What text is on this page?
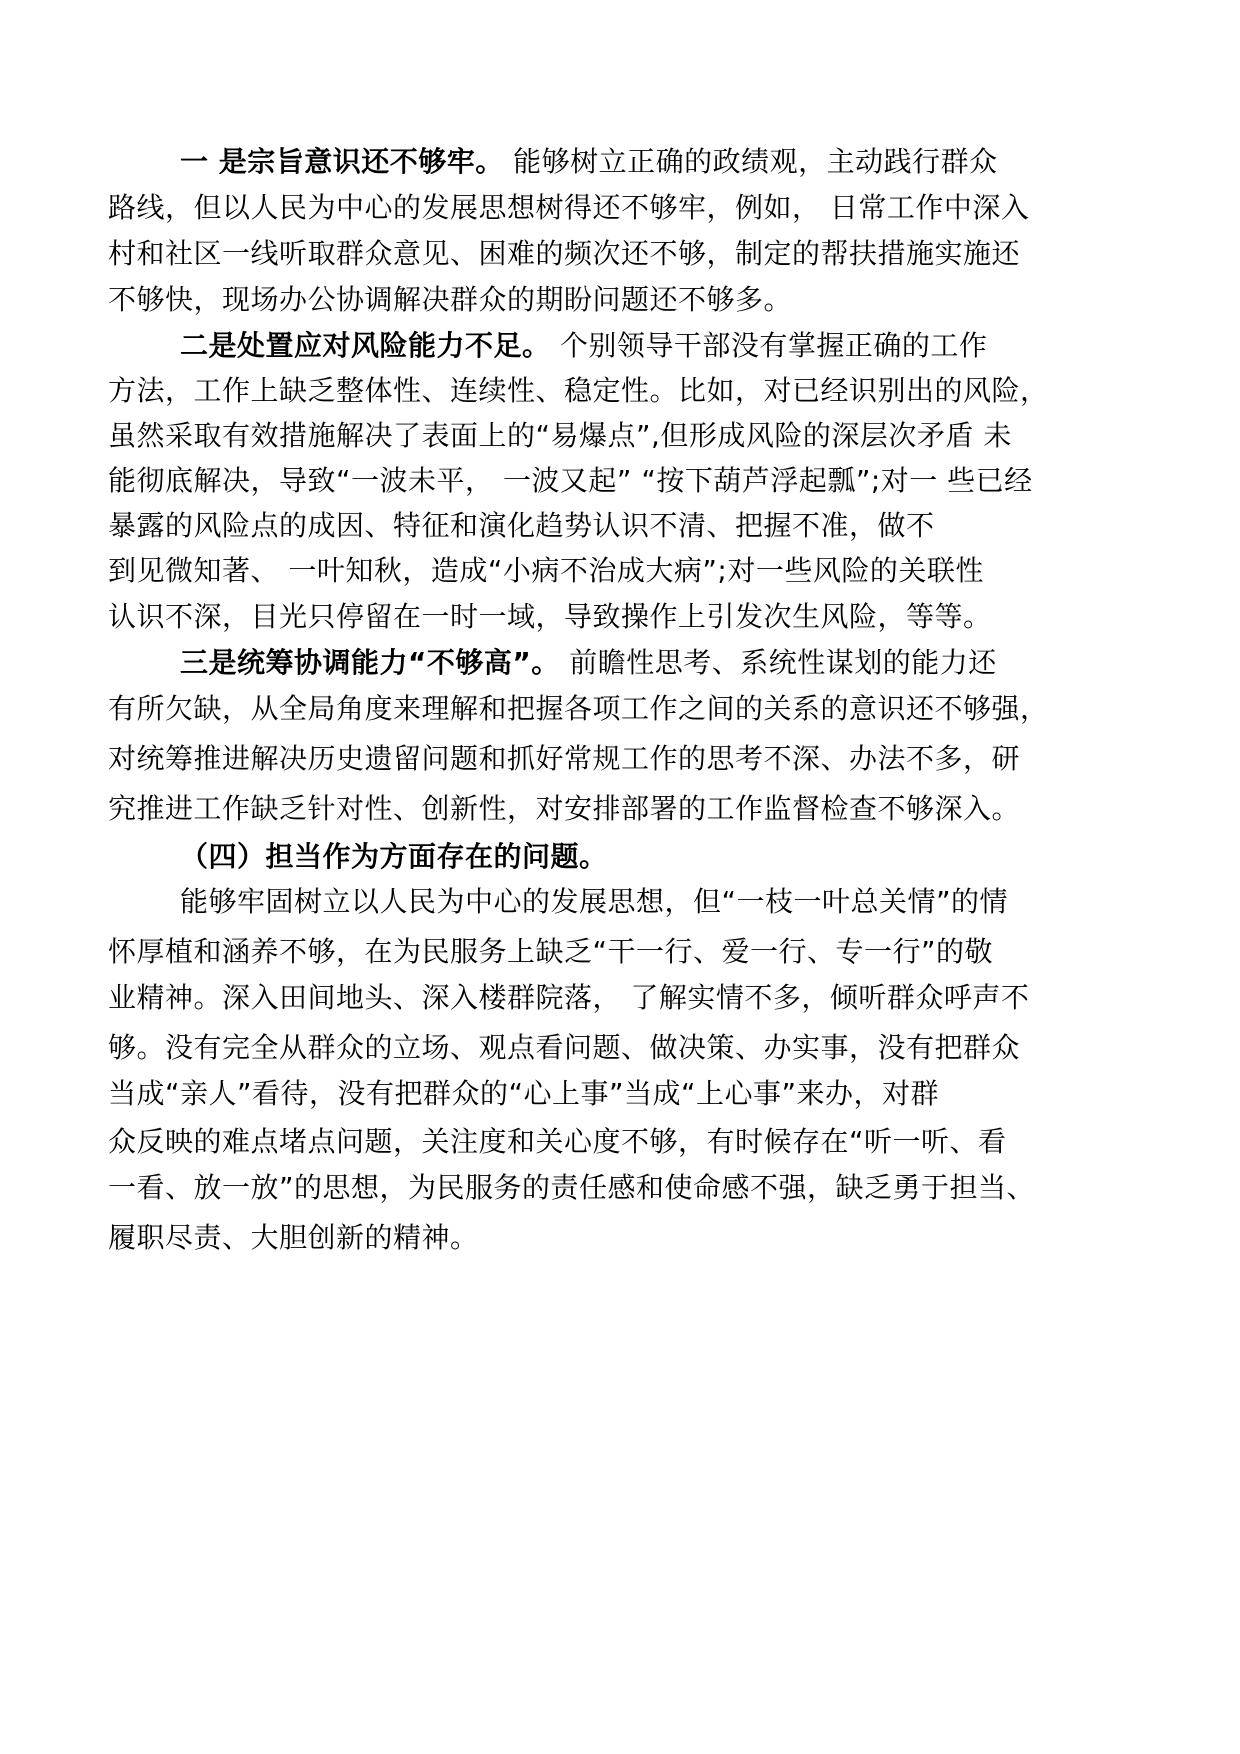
一 是宗旨意识还不够牢。 能够树立正确的政绩观，主动践行群众
路线，但以人民为中心的发展思想树得还不够牢，例如， 日常工作中深入
村和社区一线听取群众意见、困难的频次还不够，制定的帮扶措施实施还
不够快，现场办公协调解决群众的期盼问题还不够多。
二是处置应对风险能力不足。 个别领导干部没有掌握正确的工作
方法，工作上缺乏整体性、连续性、稳定性。比如，对已经识别出的风险，
虽然采取有效措施解决了表面上的“易爆点”,但形成风险的深层次矛盾 未
能彻底解决，导致“一波未平， 一波又起” “按下葫芦浮起瓢”;对一 些已经
暴露的风险点的成因、特征和演化趋势认识不清、把握不准，做不
到见微知著、 一叶知秋，造成“小病不治成大病”;对一些风险的关联性
认识不深，目光只停留在一时一域，导致操作上引发次生风险，等等。
三是统筹协调能力“不够高”。 前瞻性思考、系统性谋划的能力还
有所欠缺，从全局角度来理解和把握各项工作之间的关系的意识还不够强，
对统筹推进解决历史遗留问题和抓好常规工作的思考不深、办法不多，研
究推进工作缺乏针对性、创新性，对安排部署的工作监督检查不够深入。
（四）担当作为方面存在的问题。
能够牢固树立以人民为中心的发展思想，但“一枝一叶总关情”的情
怀厚植和涵养不够，在为民服务上缺乏“干一行、爱一行、专一行”的敬
业精神。深入田间地头、深入楼群院落， 了解实情不多，倾听群众呼声不
够。没有完全从群众的立场、观点看问题、做决策、办实事，没有把群众
当成“亲人”看待，没有把群众的“心上事”当成“上心事”来办，对群
众反映的难点堵点问题，关注度和关心度不够，有时候存在“听一听、看
一看、放一放”的思想，为民服务的责任感和使命感不强，缺乏勇于担当、
履职尽责、大胆创新的精神。
